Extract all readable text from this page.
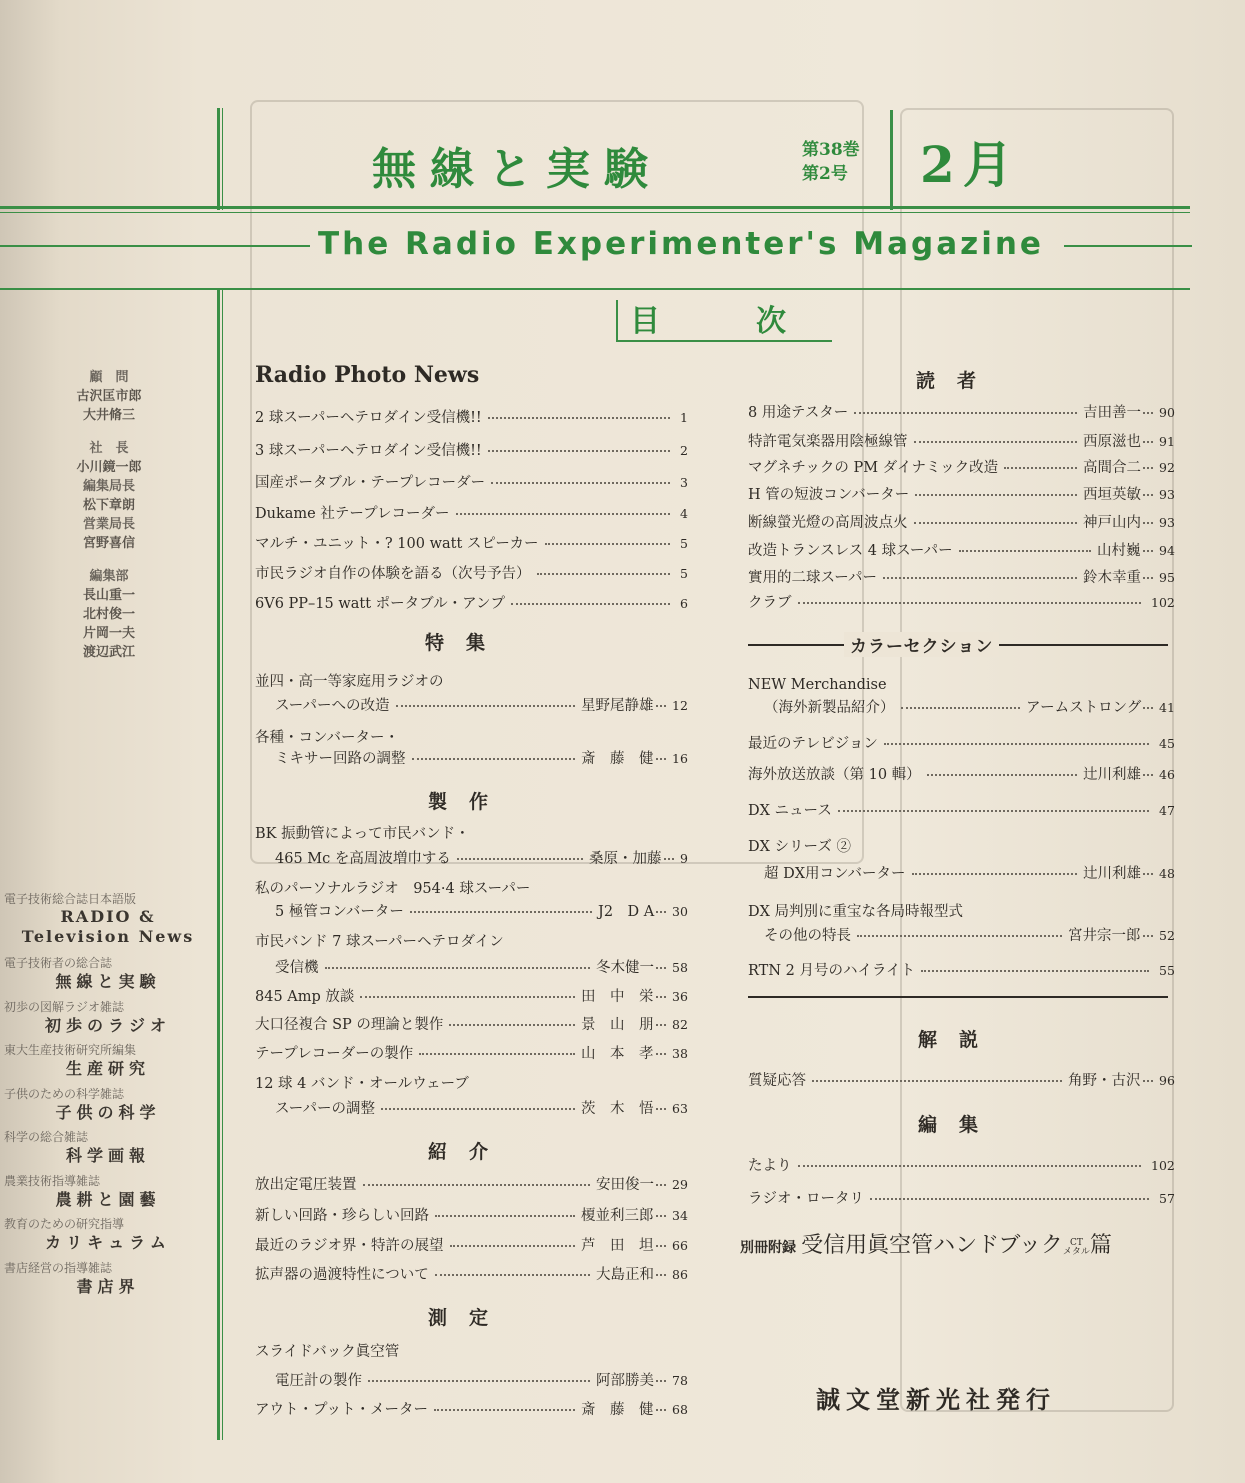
無線と実験	第38巻
第2号 2月
The Radio Experimenter's Magazine
目次
顧　問
古沢匡市郎
大井脩三
社　長
小川鏡一郎
編集局長
松下章朗
営業局長
宮野喜信
編集部
長山重一
北村俊一
片岡一夫
渡辺武江
電子技術総合誌日本語版
RADIO & Television News
電子技術者の総合誌
無線と実験
初歩の図解ラジオ雑誌
初歩のラジオ
東大生産技術研究所編集
生産研究
子供のための科学雑誌
子供の科学
科学の総合雑誌
科学画報
農業技術指導雑誌
農耕と園藝
教育のための研究指導
カリキュラム
書店経営の指導雑誌
書店界
Radio Photo News
2 球スーパーヘテロダイン受信機!!	1
3 球スーパーヘテロダイン受信機!!	2
国産ポータブル・テープレコーダー	3
Dukame 社テープレコーダー	4
マルチ・ユニット・? 100 watt スピーカー	5
市民ラジオ自作の体験を語る（次号予告）	5
6V6 PP–15 watt ポータブル・アンプ	6
特集
並四・高一等家庭用ラジオの
スーパーへの改造	星野尾静雄 12
各種・コンバーター・
ミキサー回路の調整	斎　藤　健 16
製作
BK 振動管によって市民バンド・
465 Mc を高周波増巾する	桑原・加藤 9
私のパーソナルラジオ　954·4 球スーパー
5 極管コンバーター	J2　D A 30
市民バンド 7 球スーパーヘテロダイン
受信機	冬木健一 58
845 Amp 放談	田　中　栄 36
大口径複合 SP の理論と製作	景　山　朋 82
テープレコーダーの製作	山　本　孝 38
12 球 4 バンド・オールウェーブ
スーパーの調整	茨　木　悟 63
紹介
放出定電圧装置	安田俊一 29
新しい回路・珍らしい回路	榎並利三郎 34
最近のラジオ界・特許の展望	芦　田　坦 66
拡声器の過渡特性について	大島正和 86
測定
スライドバック眞空管
電圧計の製作	阿部勝美 78
アウト・プット・メーター	斎　藤　健 68
読者
8 用途テスター	吉田善一 90
特許電気楽器用陰極線管	西原滋也 91
マグネチックの PM ダイナミック改造	高間合二 92
H 管の短波コンバーター	西垣英敏 93
断線螢光燈の高周波点火	神戸山内 93
改造トランスレス 4 球スーパー	山村巍 94
實用的二球スーパー	鈴木幸重 95
クラブ	102
NEW Merchandise
（海外新製品紹介）	アームストロング 41
最近のテレビジョン	45
海外放送放談（第 10 輯）	辻川利雄 46
DX ニュース	47
DX シリーズ ②
超 DX用コンバーター	辻川利雄 48
DX 局判別に重宝な各局時報型式
その他の特長	宮井宗一郎 52
RTN 2 月号のハイライト	55
解説
質疑応答	角野・古沢 96
編集
たより	102
ラジオ・ロータリ	57
カラーセクション
別冊附録 受信用眞空管ハンドブック CT
メタル篇
誠文堂新光社発行
